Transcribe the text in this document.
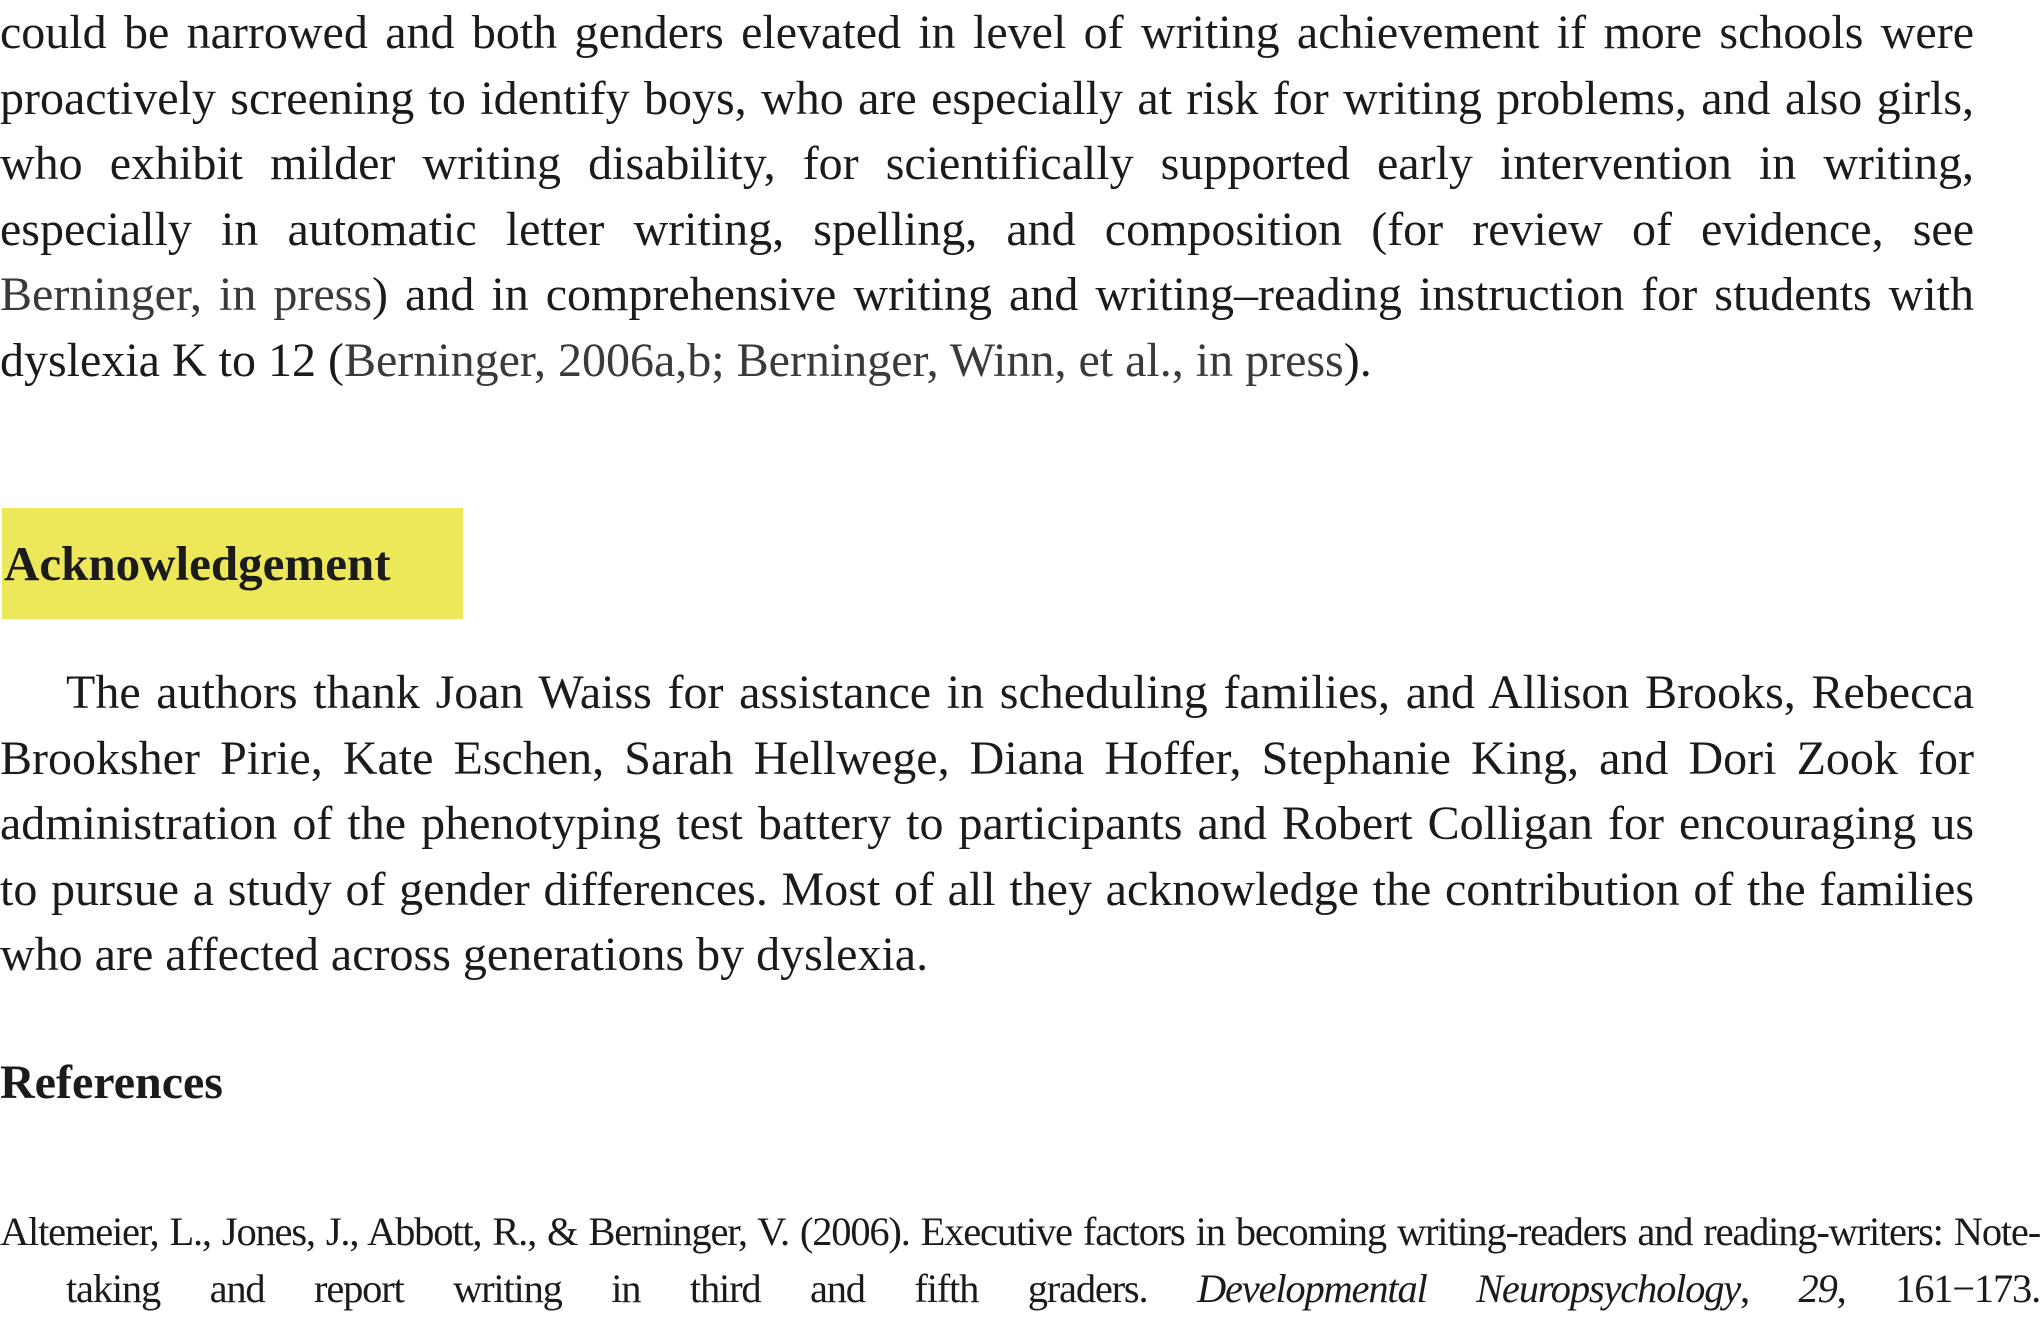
could be narrowed and both genders elevated in level of writing achievement if more schools were proactively screening to identify boys, who are especially at risk for writing problems, and also girls, who exhibit milder writing disability, for scientifically supported early intervention in writing, especially in automatic letter writing, spelling, and composition (for review of evidence, see Berninger, in press) and in comprehensive writing and writing–reading instruction for students with dyslexia K to 12 (Berninger, 2006a,b; Berninger, Winn, et al., in press).

Acknowledgement

The authors thank Joan Waiss for assistance in scheduling families, and Allison Brooks, Rebecca Brooksher Pirie, Kate Eschen, Sarah Hellwege, Diana Hoffer, Stephanie King, and Dori Zook for administration of the phenotyping test battery to participants and Robert Colligan for encouraging us to pursue a study of gender differences. Most of all they acknowledge the contribution of the families who are affected across generations by dyslexia.

References

Altemeier, L., Jones, J., Abbott, R., & Berninger, V. (2006). Executive factors in becoming writing-readers and reading-writers: Note-taking and report writing in third and fifth graders. Developmental Neuropsychology, 29, 161−173.
